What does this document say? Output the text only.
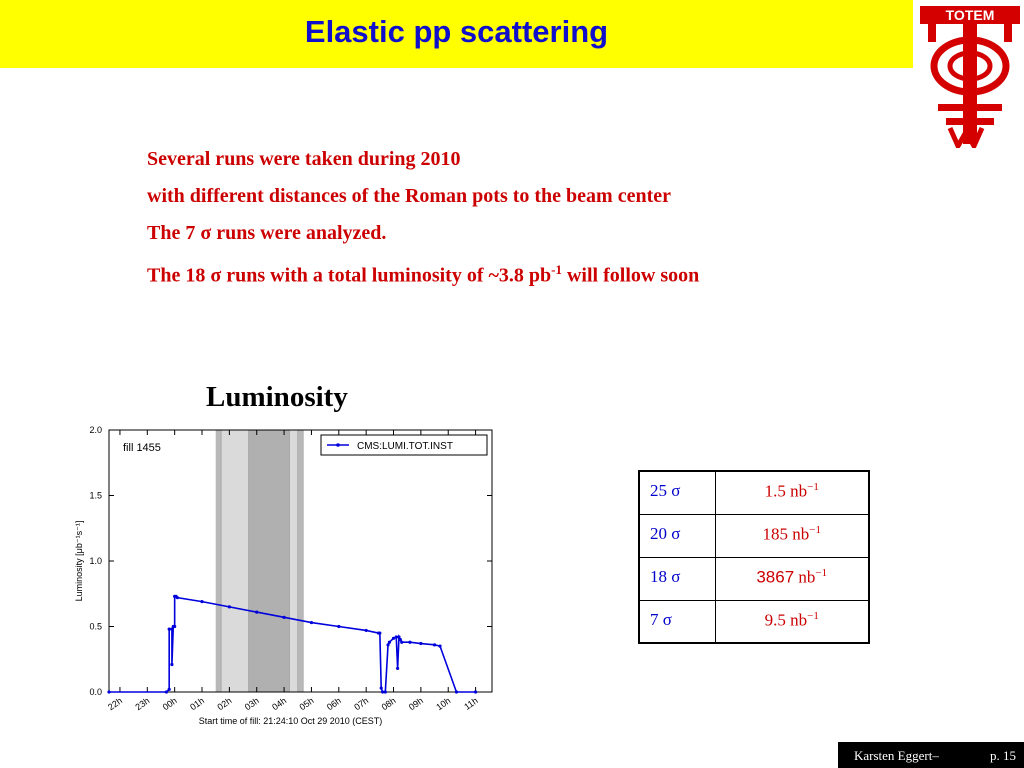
Elastic pp scattering	TOTEM
Several runs were taken during 2010
with different distances of the Roman pots to the beam center
The 7 σ runs were analyzed.
The 18 σ runs with a total luminosity of ~3.8 $pb^{-1}$ will follow soon
Luminosity
0.0
0.5
1.0
1.5
2.0
22h 23h 00h 01h 02h 03h 04h 05h 06h 07h 08h 09h 10h 11h
Start time of fill: 21:24:10 Oct 29 2010 (CEST)
Luminosity [μb⁻¹s⁻¹]
fill 1455	CMS:LUMI.TOT.INST
25 σ	1.5 $nb^{-1}$
20 σ	185 $nb^{-1}$
18 σ	3867 $nb^{-1}$
7 σ	9.5 $nb^{-1}$
Karsten Eggert–	p. 15
